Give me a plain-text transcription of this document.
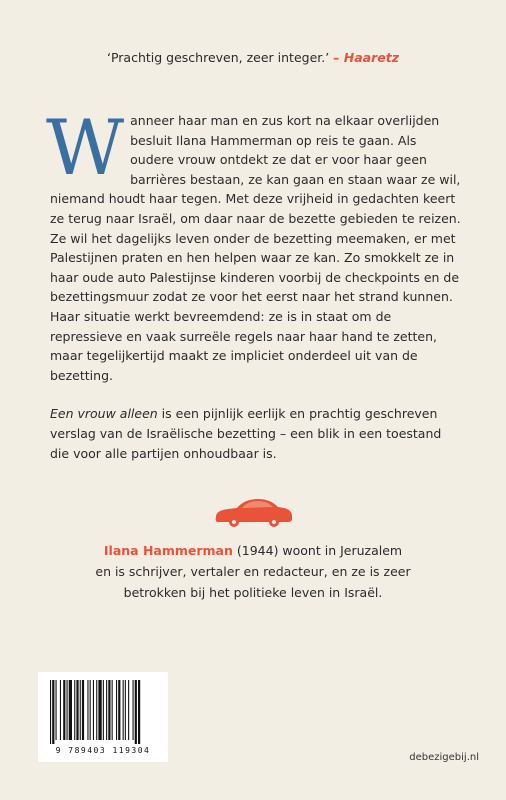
‘Prachtig geschreven, zeer integer.’ – Haaretz
W anneer haar man en zus kort na elkaar overlijden besluit Ilana Hammerman op reis te gaan. Als oudere vrouw ontdekt ze dat er voor haar geen barrières bestaan, ze kan gaan en staan waar ze wil, niemand houdt haar tegen. Met deze vrijheid in gedachten keert ze terug naar Israël, om daar naar de bezette gebieden te reizen. Ze wil het dagelijks leven onder de bezetting meemaken, er met Palestijnen praten en hen helpen waar ze kan. Zo smokkelt ze in haar oude auto Palestijnse kinderen voorbij de checkpoints en de bezettingsmuur zodat ze voor het eerst naar het strand kunnen. Haar situatie werkt bevreemdend: ze is in staat om de repressieve en vaak surreële regels naar haar hand te zetten, maar tegelijkertijd maakt ze impliciet onderdeel uit van de bezetting.

Een vrouw alleen is een pijnlijk eerlijk en prachtig geschreven verslag van de Israëlische bezetting – een blik in een toestand die voor alle partijen onhoudbaar is.

Ilana Hammerman (1944) woont in Jeruzalem
en is schrijver, vertaler en redacteur, en ze is zeer
betrokken bij het politieke leven in Israël.
9 789403 119304
debezigebij.nl
